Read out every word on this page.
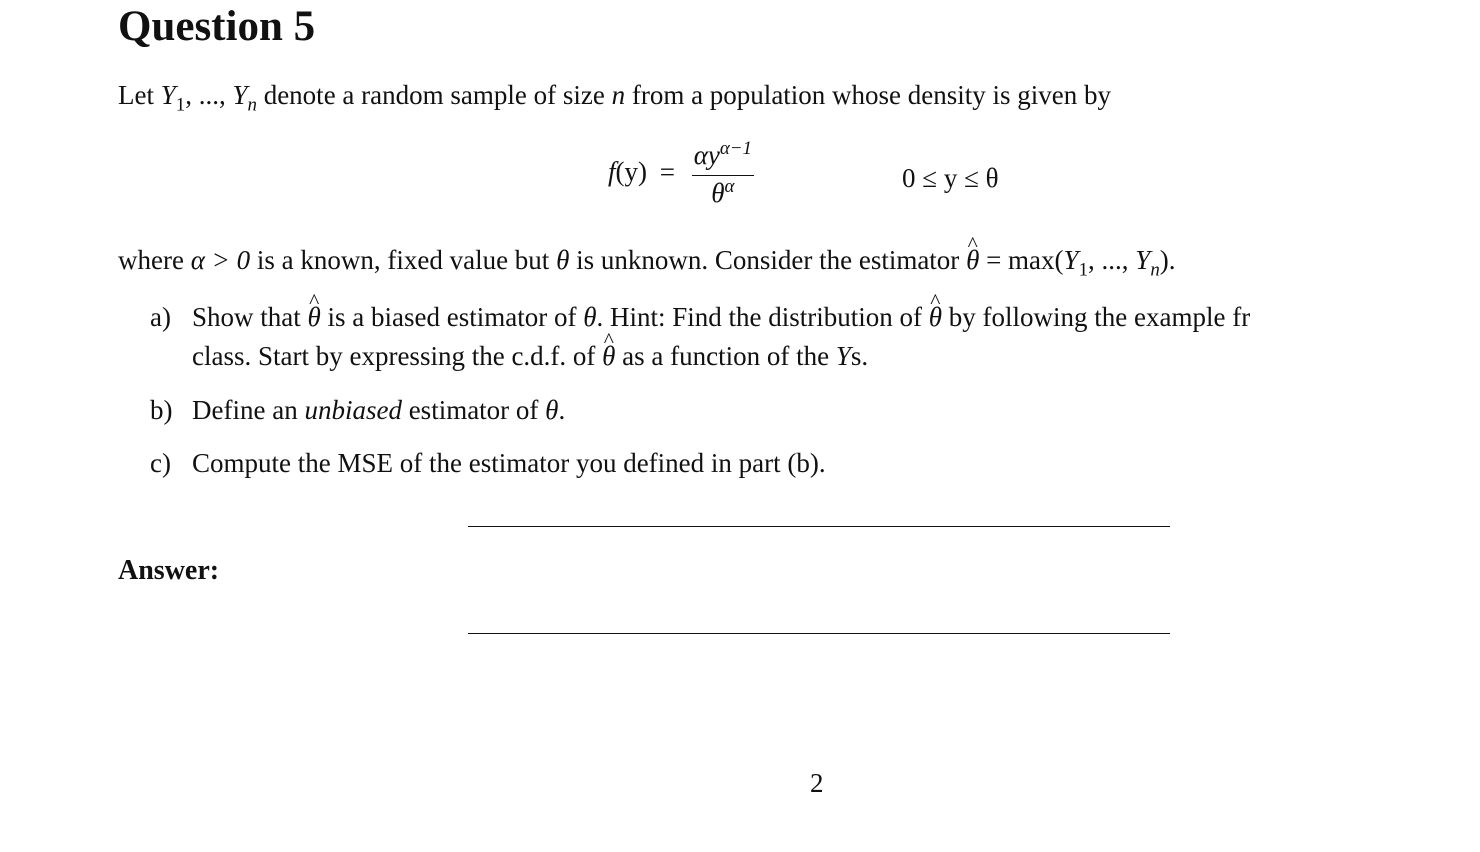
Question 5
Let $Y_1$, ..., $Y_n$ denote a random sample of size n from a population whose density is given by
$f(y) = \frac{\alpha y^{\alpha-1}}{\theta^\alpha}$	0 ≤ y ≤ θ
where α > 0 is a known, fixed value but θ is unknown. Consider the estimator ^ $\theta = \max(Y_1$, ..., $Y_n$).
a) Show that ^ θ is a biased estimator of θ. Hint: Find the distribution of ^ θ by following the example fr
class. Start by expressing the c.d.f. of ^ θ as a function of the Ys.
b) Define an unbiased estimator of θ.
c) Compute the MSE of the estimator you defined in part (b).
Answer:
2
